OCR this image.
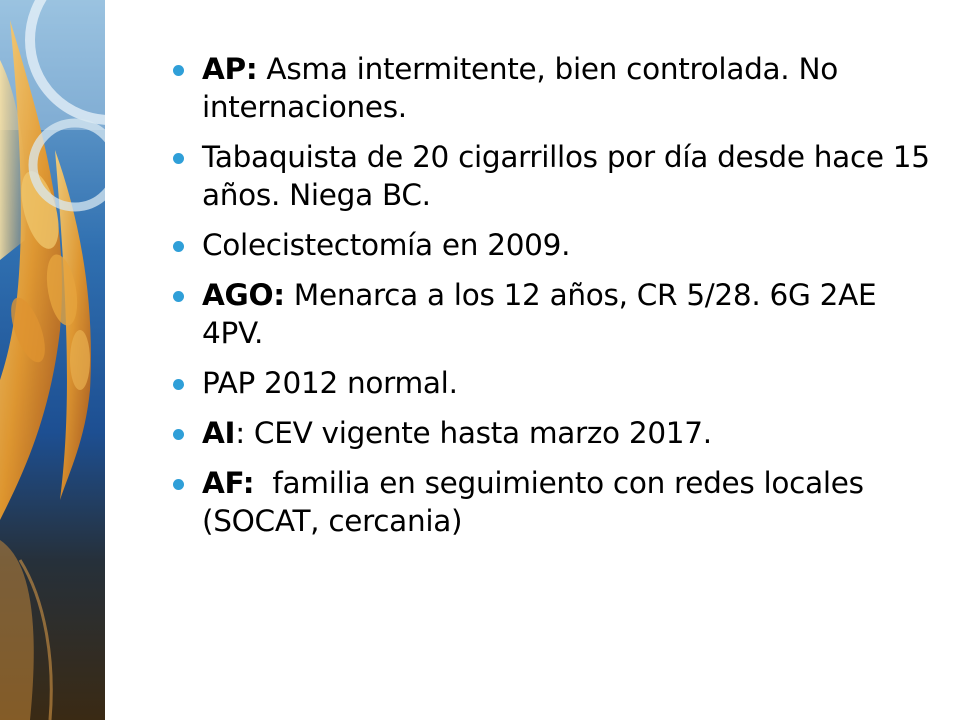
AP: Asma intermitente, bien controlada. No internaciones.
Tabaquista de 20 cigarrillos por día desde hace 15 años. Niega BC.
Colecistectomía en 2009.
AGO: Menarca a los 12 años, CR 5/28. 6G 2AE 4PV.
PAP 2012 normal.
AI: CEV vigente hasta marzo 2017.
AF:  familia en seguimiento con redes locales (SOCAT, cercania)
